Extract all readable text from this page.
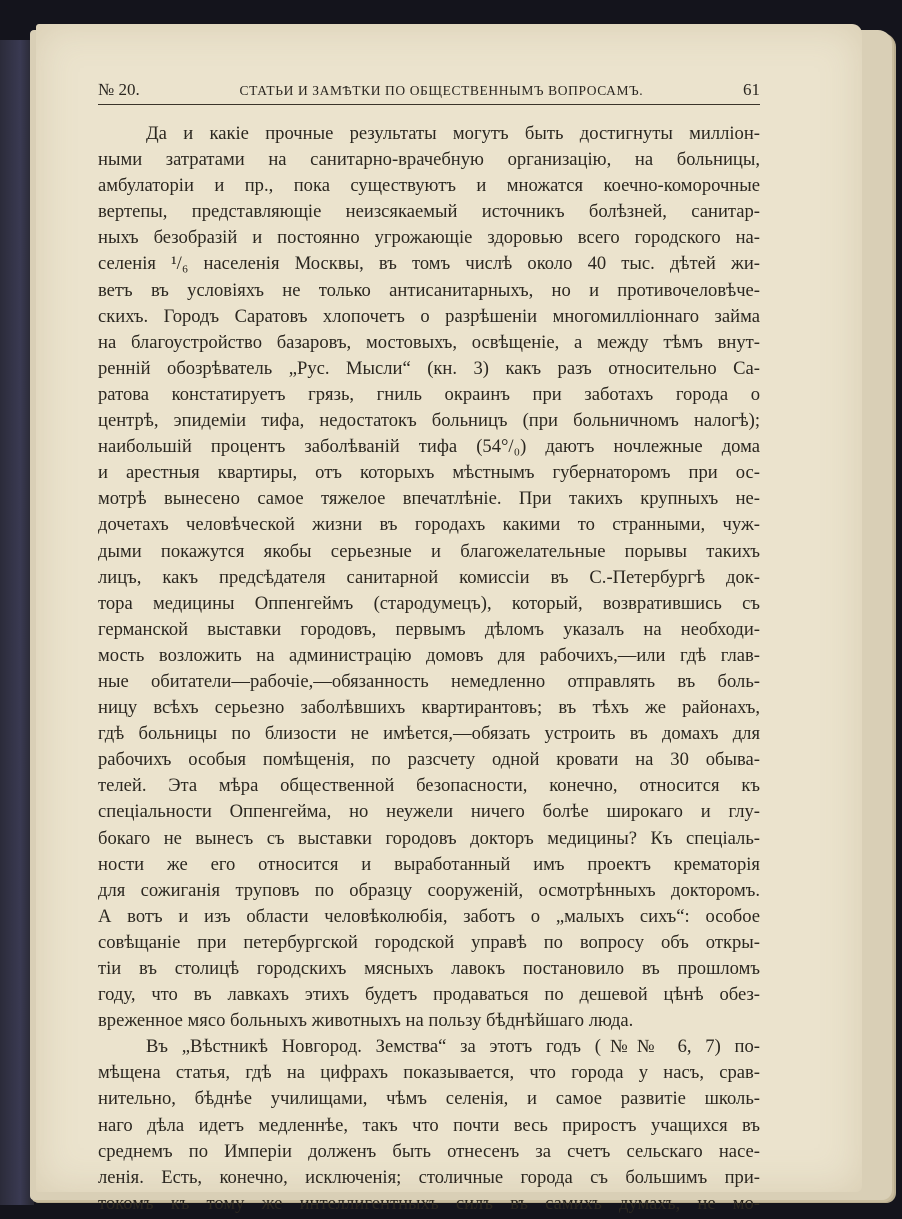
№ 20.	СТАТЬИ И ЗАМѢТКИ ПО ОБЩЕСТВЕННЫМЪ ВОПРОСАМЪ.	61
Да и какіе прочные результаты могутъ быть достигнуты милліон-
ными затратами на санитарно-врачебную организацію, на больницы,
амбулаторіи и пр., пока существуютъ и множатся коечно-коморочные
вертепы, представляющіе неизсякаемый источникъ болѣзней, санитар-
ныхъ безобразій и постоянно угрожающіе здоровью всего городского на-
селенія ¹/₆ населенія Москвы, въ томъ числѣ около 40 тыс. дѣтей жи-
ветъ въ условіяхъ не только антисанитарныхъ, но и противочеловѣче-
скихъ. Городъ Саратовъ хлопочетъ о разрѣшеніи многомилліоннаго займа
на благоустройство базаровъ, мостовыхъ, освѣщеніе, а между тѣмъ внут-
ренній обозрѣватель „Рус. Мысли“ (кн. 3) какъ разъ относительно Са-
ратова констатируетъ грязь, гниль окраинъ при заботахъ города о
центрѣ, эпидеміи тифа, недостатокъ больницъ (при больничномъ налогѣ);
наибольшій процентъ заболѣваній тифа (54°/₀) даютъ ночлежные дома
и арестныя квартиры, отъ которыхъ мѣстнымъ губернаторомъ при ос-
мотрѣ вынесено самое тяжелое впечатлѣніе. При такихъ крупныхъ не-
дочетахъ человѣческой жизни въ городахъ какими то странными, чуж-
дыми покажутся якобы серьезные и благожелательные порывы такихъ
лицъ, какъ предсѣдателя санитарной комиссіи въ С.-Петербургѣ док-
тора медицины Оппенгеймъ (стародумецъ), который, возвратившись съ
германской выставки городовъ, первымъ дѣломъ указалъ на необходи-
мость возложить на администрацію домовъ для рабочихъ,—или гдѣ глав-
ные обитатели—рабочіе,—обязанность немедленно отправлять въ боль-
ницу всѣхъ серьезно заболѣвшихъ квартирантовъ; въ тѣхъ же районахъ,
гдѣ больницы по близости не имѣется,—обязать устроить въ домахъ для
рабочихъ особыя помѣщенія, по разсчету одной кровати на 30 обыва-
телей. Эта мѣра общественной безопасности, конечно, относится къ
спеціальности Оппенгейма, но неужели ничего болѣе широкаго и глу-
бокаго не вынесъ съ выставки городовъ докторъ медицины? Къ спеціаль-
ности же его относится и выработанный имъ проектъ крематорія
для сожиганія труповъ по образцу сооруженій, осмотрѣнныхъ докторомъ.
А вотъ и изъ области человѣколюбія, заботъ о „малыхъ сихъ“: особое
совѣщаніе при петербургской городской управѣ по вопросу объ откры-
тіи въ столицѣ городскихъ мясныхъ лавокъ постановило въ прошломъ
году, что въ лавкахъ этихъ будетъ продаваться по дешевой цѣнѣ обез-
вреженное мясо больныхъ животныхъ на пользу бѣднѣйшаго люда.
Въ „Вѣстникѣ Новгород. Земства“ за этотъ годъ (№№ 6, 7) по-
мѣщена статья, гдѣ на цифрахъ показывается, что города у насъ, срав-
нительно, бѣднѣе училищами, чѣмъ селенія, и самое развитіе школь-
наго дѣла идетъ медленнѣе, такъ что почти весь приростъ учащихся въ
среднемъ по Имперіи долженъ быть отнесенъ за счетъ сельскаго насе-
ленія. Есть, конечно, исключенія; столичные города съ большимъ при-
токомъ къ тому же интеллигентныхъ силъ въ самихъ думахъ, не мо-
